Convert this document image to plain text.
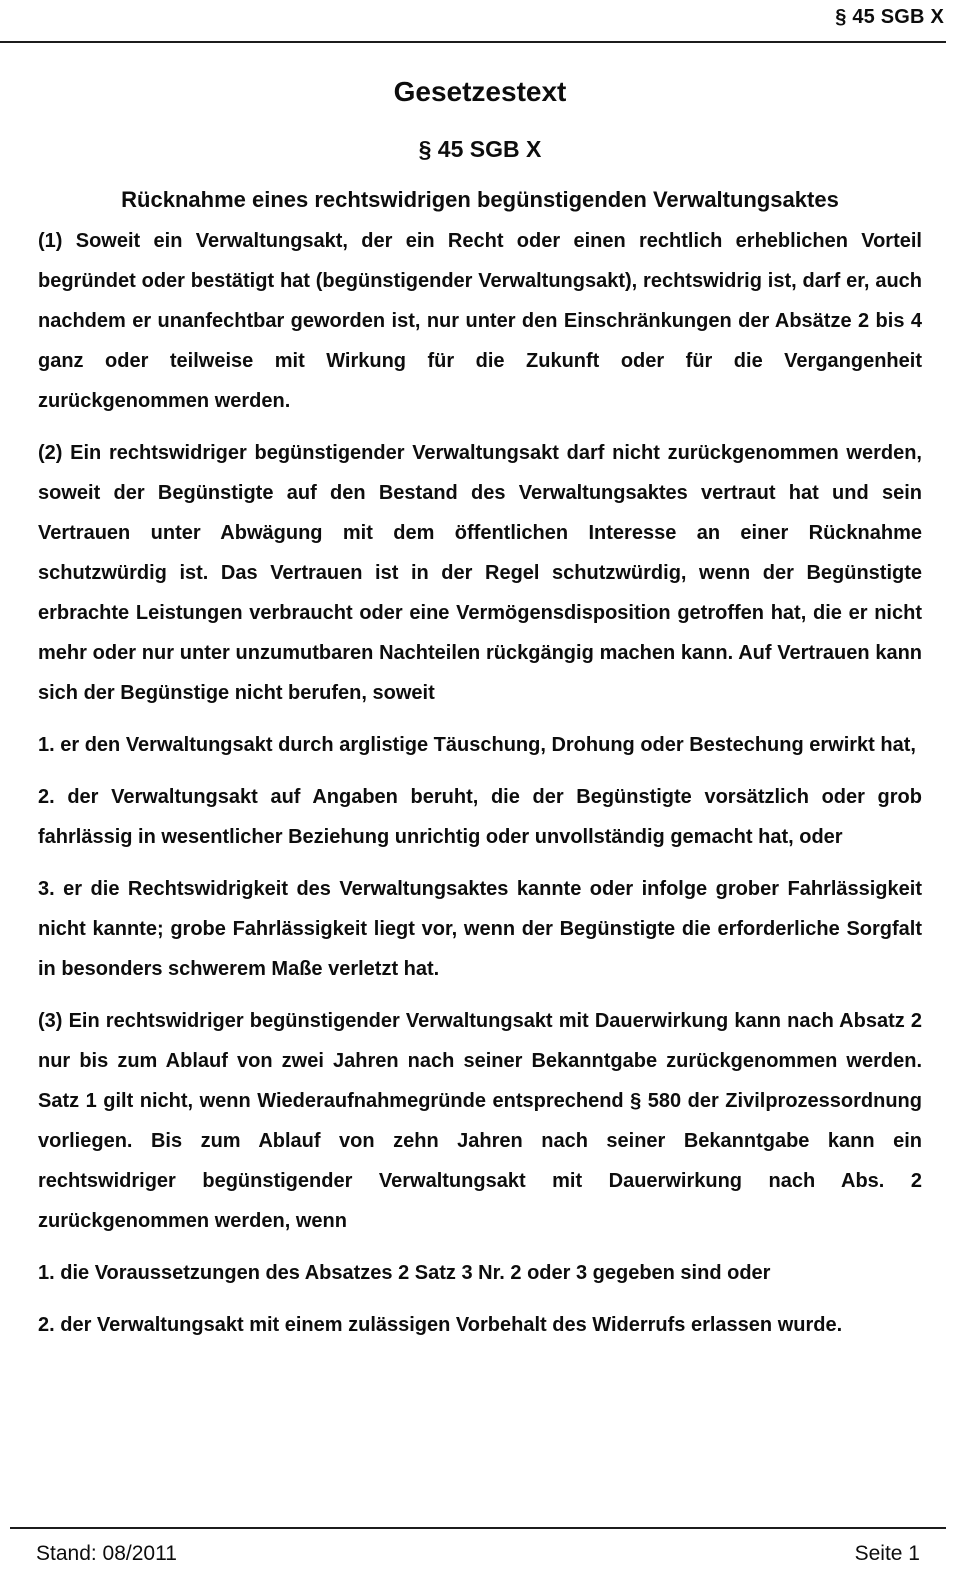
§ 45 SGB X
Gesetzestext
§ 45 SGB X
Rücknahme eines rechtswidrigen begünstigenden Verwaltungsaktes

(1) Soweit ein Verwaltungsakt, der ein Recht oder einen rechtlich erheblichen Vorteil begründet oder bestätigt hat (begünstigender Verwaltungsakt), rechtswidrig ist, darf er, auch nachdem er unanfechtbar geworden ist, nur unter den Einschränkungen der Absätze 2 bis 4 ganz oder teilweise mit Wirkung für die Zukunft oder für die Vergangenheit zurückgenommen werden.

(2) Ein rechtswidriger begünstigender Verwaltungsakt darf nicht zurückgenommen werden, soweit der Begünstigte auf den Bestand des Verwaltungsaktes vertraut hat und sein Vertrauen unter Abwägung mit dem öffentlichen Interesse an einer Rücknahme schutzwürdig ist. Das Vertrauen ist in der Regel schutzwürdig, wenn der Begünstigte erbrachte Leistungen verbraucht oder eine Vermögensdisposition getroffen hat, die er nicht mehr oder nur unter unzumutbaren Nachteilen rückgängig machen kann. Auf Vertrauen kann sich der Begünstige nicht berufen, soweit

1. er den Verwaltungsakt durch arglistige Täuschung, Drohung oder Bestechung erwirkt hat,

2. der Verwaltungsakt auf Angaben beruht, die der Begünstigte vorsätzlich oder grob fahrlässig in wesentlicher Beziehung unrichtig oder unvollständig gemacht hat, oder

3. er die Rechtswidrigkeit des Verwaltungsaktes kannte oder infolge grober Fahrlässigkeit nicht kannte; grobe Fahrlässigkeit liegt vor, wenn der Begünstigte die erforderliche Sorgfalt in besonders schwerem Maße verletzt hat.

(3) Ein rechtswidriger begünstigender Verwaltungsakt mit Dauerwirkung kann nach Absatz 2 nur bis zum Ablauf von zwei Jahren nach seiner Bekanntgabe zurückgenommen werden. Satz 1 gilt nicht, wenn Wiederaufnahmegründe entsprechend § 580 der Zivilprozessordnung vorliegen. Bis zum Ablauf von zehn Jahren nach seiner Bekanntgabe kann ein rechtswidriger begünstigender Verwaltungsakt mit Dauerwirkung nach Abs. 2 zurückgenommen werden, wenn

1. die Voraussetzungen des Absatzes 2 Satz 3 Nr. 2 oder 3 gegeben sind oder

2. der Verwaltungsakt mit einem zulässigen Vorbehalt des Widerrufs erlassen wurde.

Stand: 08/2011	Seite 1
